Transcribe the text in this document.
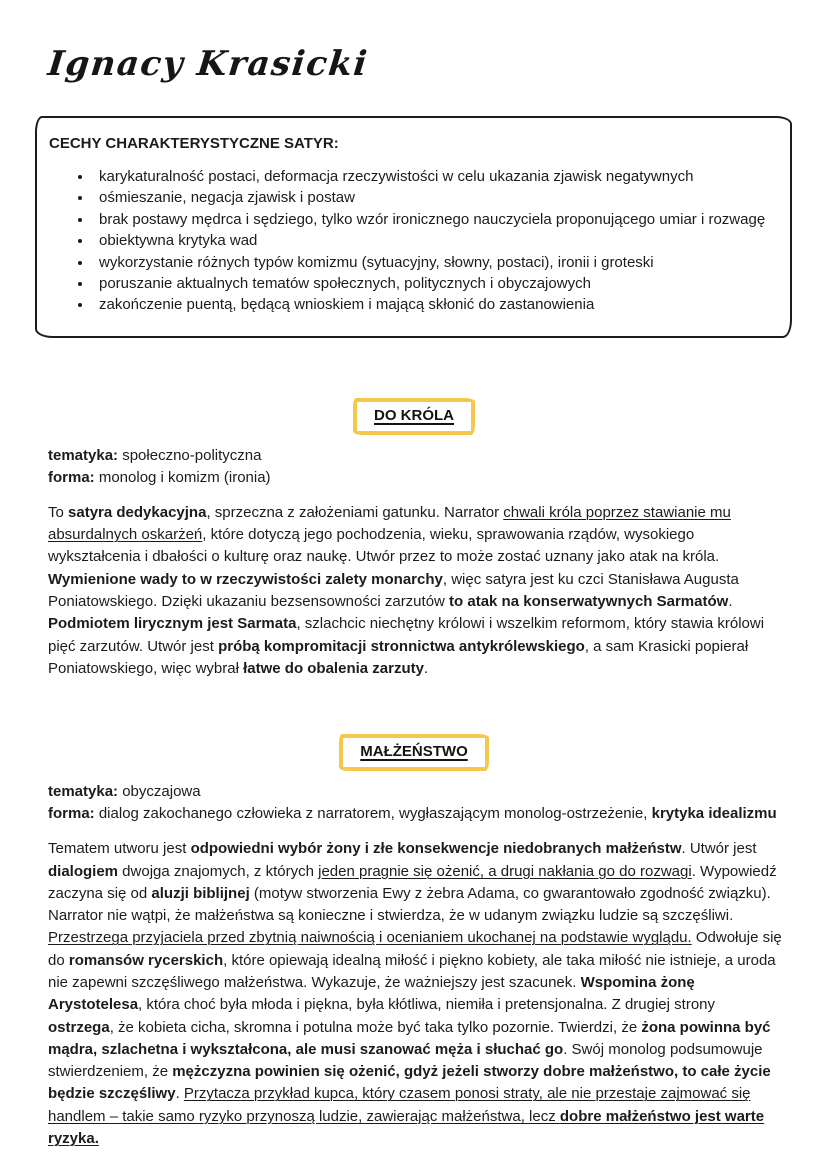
Ignacy Krasicki
CECHY CHARAKTERYSTYCZNE SATYR:
• karykaturalność postaci, deformacja rzeczywistości w celu ukazania zjawisk negatywnych
• ośmieszanie, negacja zjawisk i postaw
• brak postawy mędrca i sędziego, tylko wzór ironicznego nauczyciela proponującego umiar i rozwagę
• obiektywna krytyka wad
• wykorzystanie różnych typów komizmu (sytuacyjny, słowny, postaci), ironii i groteski
• poruszanie aktualnych tematów społecznych, politycznych i obyczajowych
• zakończenie puentą, będącą wnioskiem i mającą skłonić do zastanowienia
DO KRÓLA

tematyka: społeczno-polityczna

forma: monolog i komizm (ironia)

To satyra dedykacyjna, sprzeczna z założeniami gatunku. Narrator chwali króla poprzez stawianie mu absurdalnych oskarżeń, które dotyczą jego pochodzenia, wieku, sprawowania rządów, wysokiego wykształcenia i dbałości o kulturę oraz naukę. Utwór przez to może zostać uznany jako atak na króla. Wymienione wady to w rzeczywistości zalety monarchy, więc satyra jest ku czci Stanisława Augusta Poniatowskiego. Dzięki ukazaniu bezsensowności zarzutów to atak na konserwatywnych Sarmatów. Podmiotem lirycznym jest Sarmata, szlachcic niechętny królowi i wszelkim reformom, który stawia królowi pięć zarzutów. Utwór jest próbą kompromitacji stronnictwa antykrólewskiego, a sam Krasicki popierał Poniatowskiego, więc wybrał łatwe do obalenia zarzuty.

MAŁŻEŃSTWO

tematyka: obyczajowa

forma: dialog zakochanego człowieka z narratorem, wygłaszającym monolog-ostrzeżenie, krytyka idealizmu

Tematem utworu jest odpowiedni wybór żony i złe konsekwencje niedobranych małżeństw. Utwór jest dialogiem dwojga znajomych, z których jeden pragnie się ożenić, a drugi nakłania go do rozwagi. Wypowiedź zaczyna się od aluzji biblijnej (motyw stworzenia Ewy z żebra Adama, co gwarantowało zgodność związku). Narrator nie wątpi, że małżeństwa są konieczne i stwierdza, że w udanym związku ludzie są szczęśliwi. Przestrzega przyjaciela przed zbytnią naiwnością i ocenianiem ukochanej na podstawie wyglądu. Odwołuje się do romansów rycerskich, które opiewają idealną miłość i piękno kobiety, ale taka miłość nie istnieje, a uroda nie zapewni szczęśliwego małżeństwa. Wykazuje, że ważniejszy jest szacunek. Wspomina żonę Arystotelesa, która choć była młoda i piękna, była kłótliwa, niemiła i pretensjonalna. Z drugiej strony ostrzega, że kobieta cicha, skromna i potulna może być taka tylko pozornie. Twierdzi, że żona powinna być mądra, szlachetna i wykształcona, ale musi szanować męża i słuchać go. Swój monolog podsumowuje stwierdzeniem, że mężczyzna powinien się ożenić, gdyż jeżeli stworzy dobre małżeństwo, to całe życie będzie szczęśliwy. Przytacza przykład kupca, który czasem ponosi straty, ale nie przestaje zajmować się handlem – takie samo ryzyko przynoszą ludzie, zawierając małżeństwa, lecz dobre małżeństwo jest warte ryzyka.
